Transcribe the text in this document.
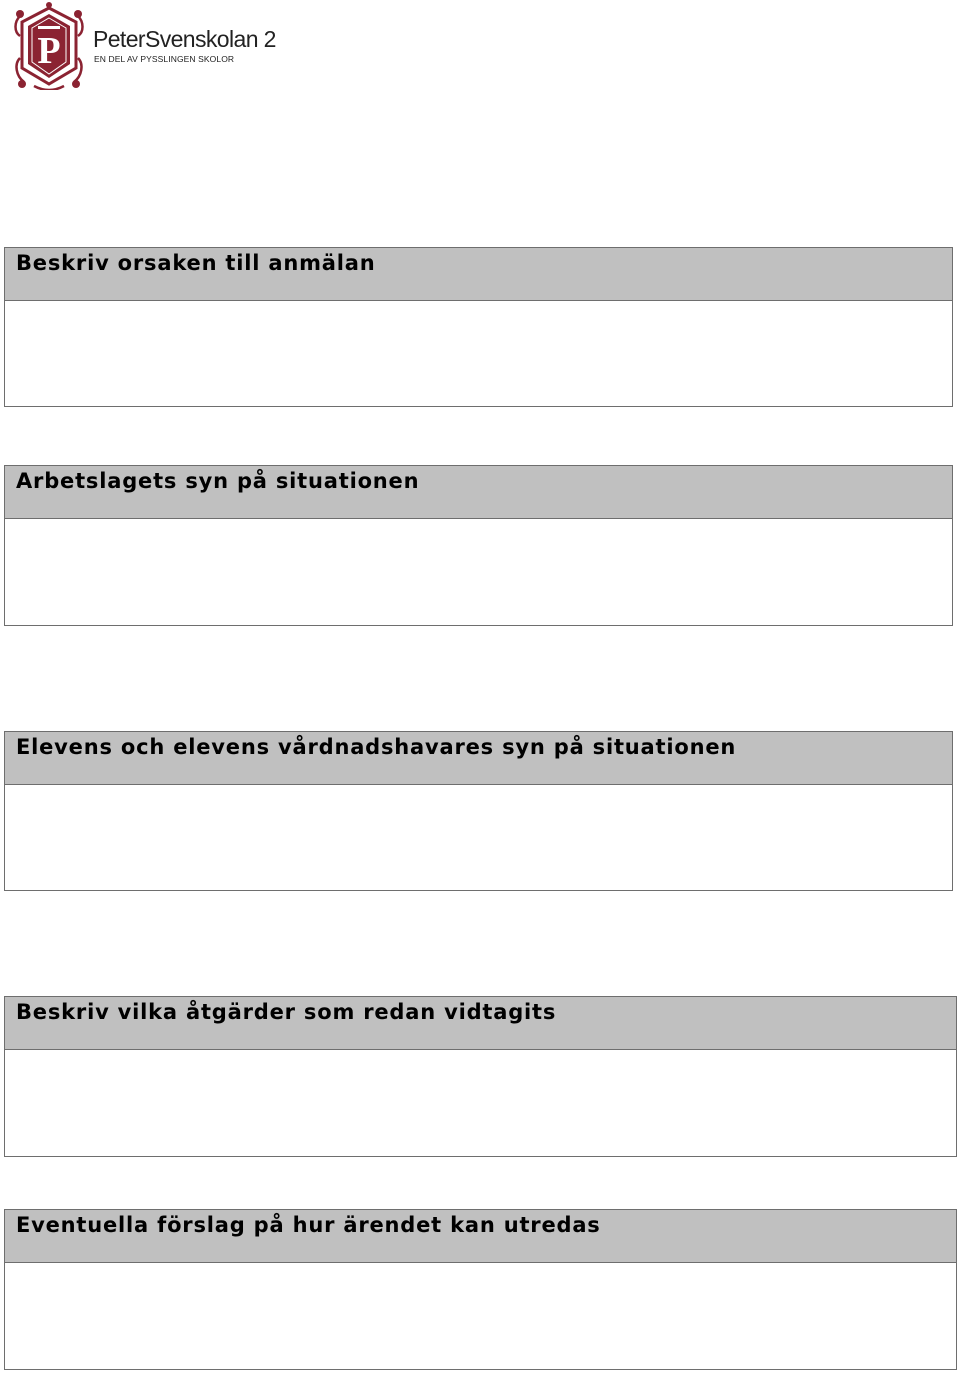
P PeterSvenskolan 2
EN DEL AV PYSSLINGEN SKOLOR
Beskriv orsaken till anmälan
Arbetslagets syn på situationen
Elevens och elevens vårdnadshavares syn på situationen
Beskriv vilka åtgärder som redan vidtagits
Eventuella förslag på hur ärendet kan utredas
